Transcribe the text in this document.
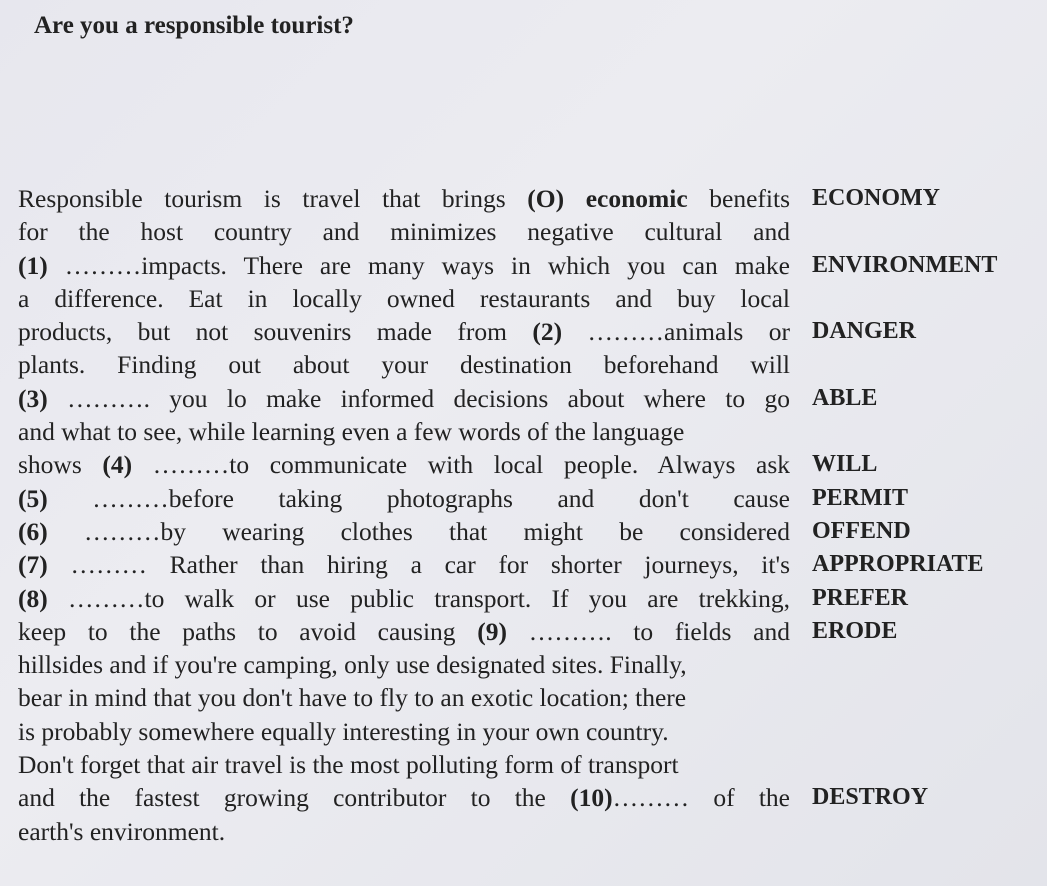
Are you a responsible tourist?
Responsible tourism is travel that brings (O) economic benefits
for the host country and minimizes negative cultural and
(1) ………impacts. There are many ways in which you can make
a difference. Eat in locally owned restaurants and buy local
products, but not souvenirs made from (2) ………animals or
plants. Finding out about your destination beforehand will
(3) ………. you lo make informed decisions about where to go
and what to see, while learning even a few words of the language
shows (4) ………to communicate with local people. Always ask
(5) ………before taking photographs and don't cause
(6) ………by wearing clothes that might be considered
(7) ……… Rather than hiring a car for shorter journeys, it's
(8) ………to walk or use public transport. If you are trekking,
keep to the paths to avoid causing (9) ………. to fields and
hillsides and if you're camping, only use designated sites. Finally,
bear in mind that you don't have to fly to an exotic location; there
is probably somewhere equally interesting in your own country.
Don't forget that air travel is the most polluting form of transport
and the fastest growing contributor to the (10)……… of the
earth's environment.
ECONOMY
ENVIRONMENT
DANGER
ABLE
WILL
PERMIT
OFFEND
APPROPRIATE
PREFER
ERODE
DESTROY
